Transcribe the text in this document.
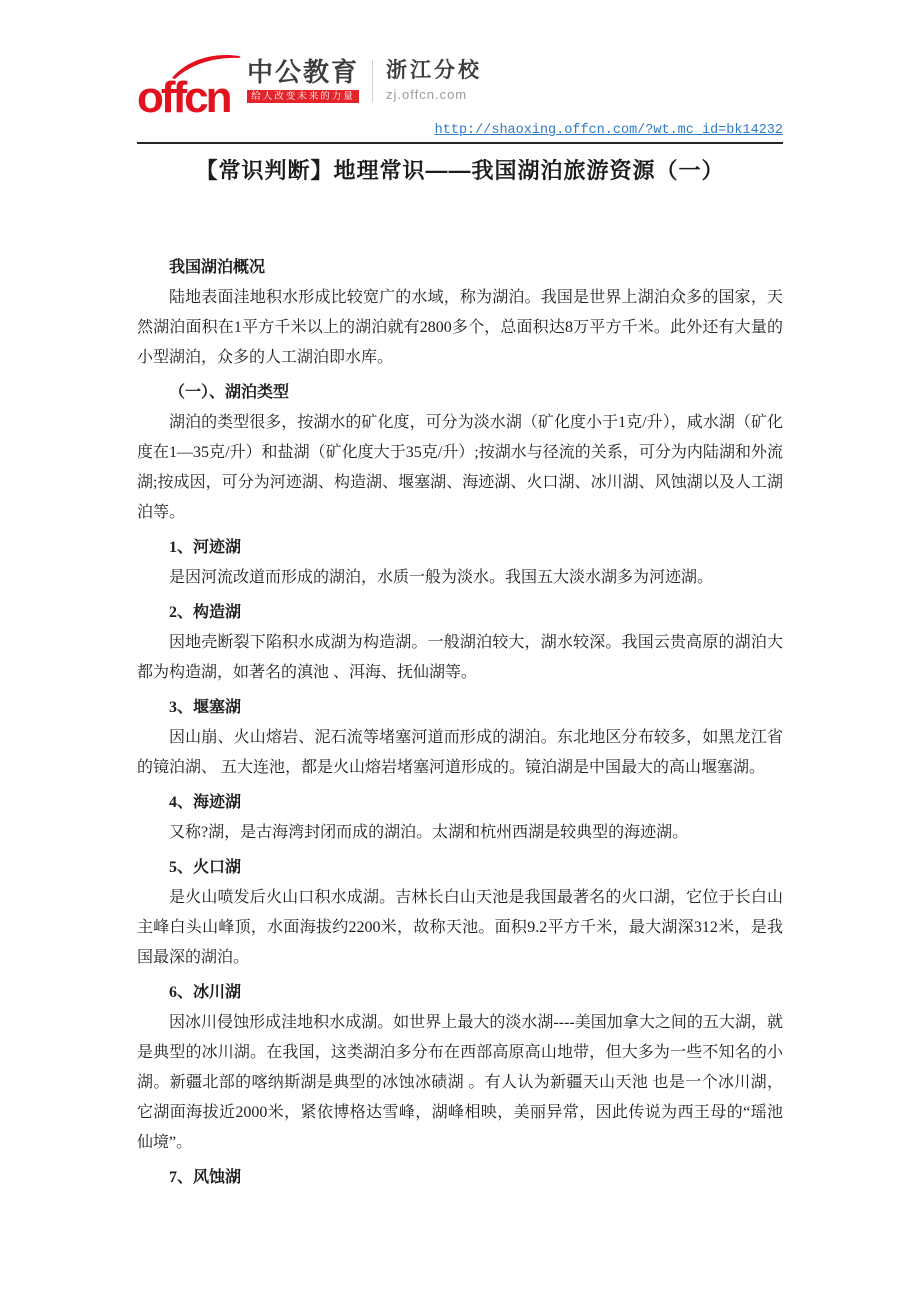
offcn
中公教育
给人改变未来的力量
浙江分校
zj.offcn.com
http://shaoxing.offcn.com/?wt.mc_id=bk14232
【常识判断】地理常识——我国湖泊旅游资源（一）
我国湖泊概况

陆地表面洼地积水形成比较宽广的水域，称为湖泊。我国是世界上湖泊众多的国家，天然湖泊面积在1平方千米以上的湖泊就有2800多个，总面积达8万平方千米。此外还有大量的小型湖泊，众多的人工湖泊即水库。

（一）、湖泊类型

湖泊的类型很多，按湖水的矿化度，可分为淡水湖（矿化度小于1克/升），咸水湖（矿化度在1—35克/升）和盐湖（矿化度大于35克/升）;按湖水与径流的关系，可分为内陆湖和外流湖;按成因，可分为河迹湖、构造湖、堰塞湖、海迹湖、火口湖、冰川湖、风蚀湖以及人工湖泊等。

1、河迹湖

是因河流改道而形成的湖泊，水质一般为淡水。我国五大淡水湖多为河迹湖。

2、构造湖

因地壳断裂下陷积水成湖为构造湖。一般湖泊较大，湖水较深。我国云贵高原的湖泊大都为构造湖，如著名的滇池 、洱海、抚仙湖等。

3、堰塞湖

因山崩、火山熔岩、泥石流等堵塞河道而形成的湖泊。东北地区分布较多，如黑龙江省的镜泊湖、 五大连池，都是火山熔岩堵塞河道形成的。镜泊湖是中国最大的高山堰塞湖。

4、海迹湖

又称?湖，是古海湾封闭而成的湖泊。太湖和杭州西湖是较典型的海迹湖。

5、火口湖

是火山喷发后火山口积水成湖。吉林长白山天池是我国最著名的火口湖，它位于长白山主峰白头山峰顶，水面海拔约2200米，故称天池。面积9.2平方千米，最大湖深312米，是我国最深的湖泊。

6、冰川湖

因冰川侵蚀形成洼地积水成湖。如世界上最大的淡水湖----美国加拿大之间的五大湖，就是典型的冰川湖。在我国，这类湖泊多分布在西部高原高山地带，但大多为一些不知名的小湖。新疆北部的喀纳斯湖是典型的冰蚀冰碛湖 。有人认为新疆天山天池 也是一个冰川湖，它湖面海拔近2000米，紧依博格达雪峰，湖峰相映，美丽异常，因此传说为西王母的“瑶池仙境”。

7、风蚀湖
